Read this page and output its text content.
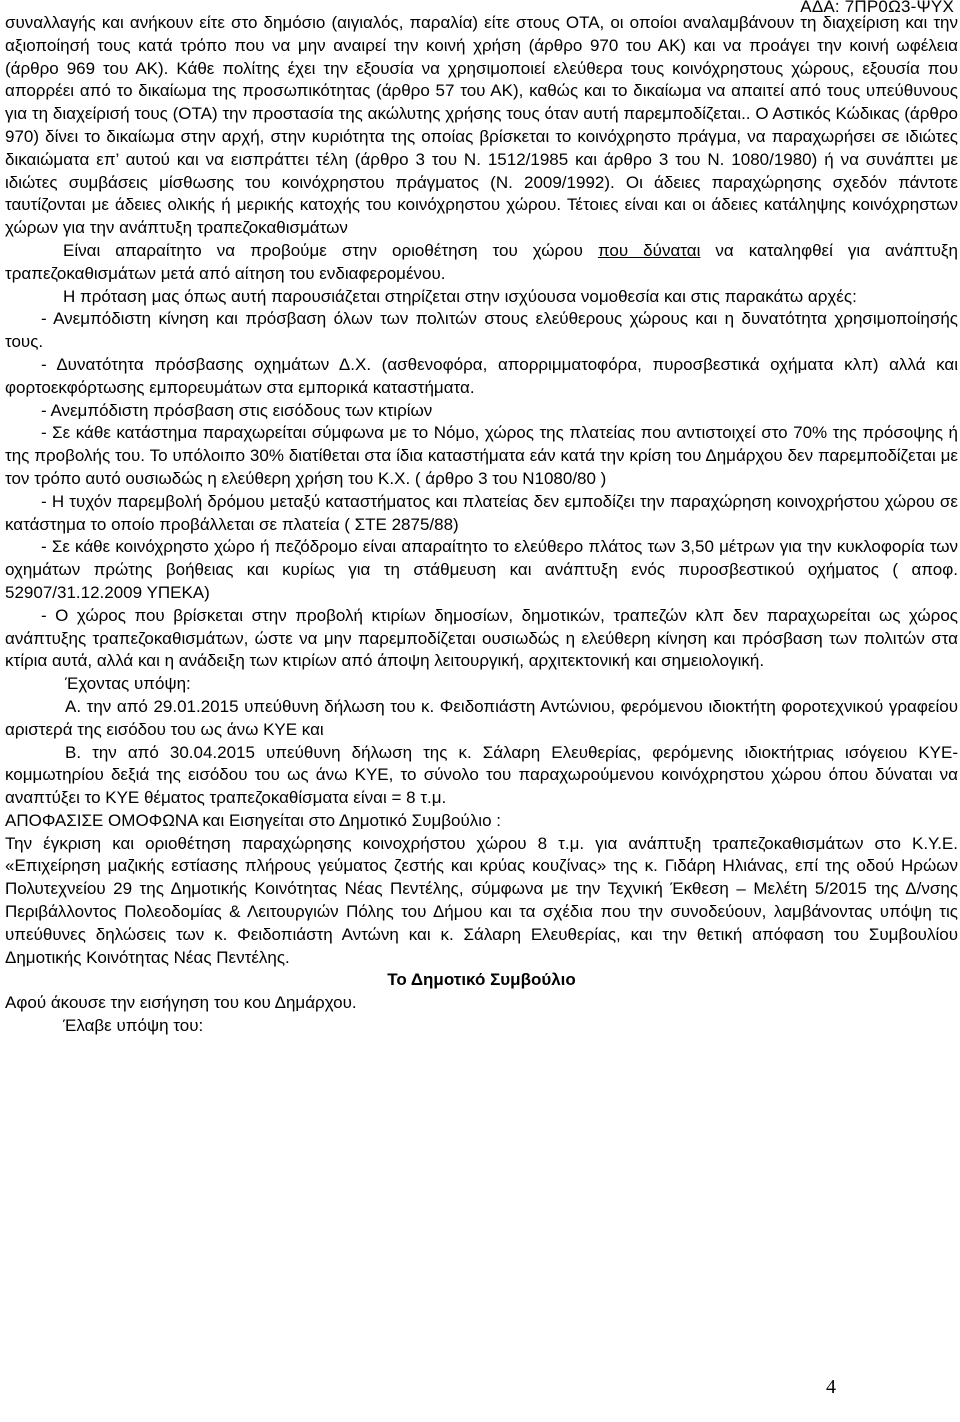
ΑΔΑ: 7ΠΡ0Ω3-ΨΥΧ

συναλλαγής και ανήκουν είτε στο δημόσιο (αιγιαλός, παραλία) είτε στους ΟΤΑ, οι οποίοι αναλαμβάνουν τη διαχείριση και την αξιοποίησή τους κατά τρόπο που να μην αναιρεί την κοινή χρήση (άρθρο 970 του ΑΚ) και να προάγει την κοινή ωφέλεια (άρθρο 969 του ΑΚ). Κάθε πολίτης έχει την εξουσία να χρησιμοποιεί ελεύθερα τους κοινόχρηστους χώρους, εξουσία που απορρέει από το δικαίωμα της προσωπικότητας (άρθρο 57 του ΑΚ), καθώς και το δικαίωμα να απαιτεί από τους υπεύθυνους για τη διαχείρισή τους (ΟΤΑ) την προστασία της ακώλυτης χρήσης τους όταν αυτή παρεμποδίζεται.. Ο Αστικός Κώδικας (άρθρο 970) δίνει το δικαίωμα στην αρχή, στην κυριότητα της οποίας βρίσκεται το κοινόχρηστο πράγμα, να παραχωρήσει σε ιδιώτες δικαιώματα επ’ αυτού και να εισπράττει τέλη (άρθρο 3 του Ν. 1512/1985 και άρθρο 3 του Ν. 1080/1980) ή να συνάπτει με ιδιώτες συμβάσεις μίσθωσης του κοινόχρηστου πράγματος (Ν. 2009/1992). Οι άδειες παραχώρησης σχεδόν πάντοτε ταυτίζονται με άδειες ολικής ή μερικής κατοχής του κοινόχρηστου χώρου. Τέτοιες είναι και οι άδειες κατάληψης κοινόχρηστων χώρων για την ανάπτυξη τραπεζοκαθισμάτων

Είναι απαραίτητο να προβούμε στην οριοθέτηση του χώρου που δύναται να καταληφθεί για ανάπτυξη τραπεζοκαθισμάτων μετά από αίτηση του ενδιαφερομένου.

Η πρόταση μας όπως αυτή παρουσιάζεται στηρίζεται στην ισχύουσα νομοθεσία και στις παρακάτω αρχές:

- Ανεμπόδιστη κίνηση και πρόσβαση όλων των πολιτών στους ελεύθερους χώρους και η δυνατότητα χρησιμοποίησής τους.

- Δυνατότητα πρόσβασης οχημάτων Δ.Χ. (ασθενοφόρα, απορριμματοφόρα, πυροσβεστικά οχήματα κλπ) αλλά και φορτοεκφόρτωσης εμπορευμάτων στα εμπορικά καταστήματα.

- Ανεμπόδιστη πρόσβαση στις εισόδους των κτιρίων

- Σε κάθε κατάστημα παραχωρείται σύμφωνα με το Νόμο, χώρος της πλατείας που αντιστοιχεί στο 70% της πρόσοψης ή της προβολής του. Το υπόλοιπο 30% διατίθεται στα ίδια καταστήματα εάν κατά την κρίση του Δημάρχου δεν παρεμποδίζεται με τον τρόπο αυτό ουσιωδώς η ελεύθερη χρήση του Κ.Χ. ( άρθρο 3 του Ν1080/80 )

- Η τυχόν παρεμβολή δρόμου μεταξύ καταστήματος και πλατείας δεν εμποδίζει την παραχώρηση κοινοχρήστου χώρου σε κατάστημα το οποίο προβάλλεται σε πλατεία ( ΣΤΕ 2875/88)

- Σε κάθε κοινόχρηστο χώρο ή πεζόδρομο είναι απαραίτητο το ελεύθερο πλάτος των 3,50 μέτρων για την κυκλοφορία των οχημάτων πρώτης βοήθειας και κυρίως για τη στάθμευση και ανάπτυξη ενός πυροσβεστικού οχήματος ( αποφ. 52907/31.12.2009 ΥΠΕΚΑ)

- Ο χώρος που βρίσκεται στην προβολή κτιρίων δημοσίων, δημοτικών, τραπεζών κλπ δεν παραχωρείται ως χώρος ανάπτυξης τραπεζοκαθισμάτων, ώστε να μην παρεμποδίζεται ουσιωδώς η ελεύθερη κίνηση και πρόσβαση των πολιτών στα κτίρια αυτά, αλλά και η ανάδειξη των κτιρίων από άποψη λειτουργική, αρχιτεκτονική και σημειολογική.

Έχοντας υπόψη:

Α. την από 29.01.2015 υπεύθυνη δήλωση του κ. Φειδοπιάστη Αντώνιου, φερόμενου ιδιοκτήτη φοροτεχνικού γραφείου αριστερά της εισόδου του ως άνω ΚΥΕ και

Β. την από 30.04.2015 υπεύθυνη δήλωση της κ. Σάλαρη Ελευθερίας, φερόμενης ιδιοκτήτριας ισόγειου ΚΥΕ- κομμωτηρίου δεξιά της εισόδου του ως άνω ΚΥΕ, το σύνολο του παραχωρούμενου κοινόχρηστου χώρου όπου δύναται να αναπτύξει το ΚΥΕ θέματος τραπεζοκαθίσματα είναι = 8 τ.μ.

ΑΠΟΦΑΣΙΣΕ ΟΜΟΦΩΝΑ και Εισηγείται στο Δημοτικό Συμβούλιο :

Την έγκριση και οριοθέτηση παραχώρησης κοινοχρήστου χώρου 8 τ.μ. για ανάπτυξη τραπεζοκαθισμάτων στο Κ.Υ.Ε. «Επιχείρηση μαζικής εστίασης πλήρους γεύματος ζεστής και κρύας κουζίνας» της κ. Γιδάρη Ηλιάνας, επί της οδού Ηρώων Πολυτεχνείου 29 της Δημοτικής Κοινότητας Νέας Πεντέλης, σύμφωνα με την Τεχνική Έκθεση – Μελέτη 5/2015 της Δ/νσης Περιβάλλοντος Πολεοδομίας & Λειτουργιών Πόλης του Δήμου και τα σχέδια που την συνοδεύουν, λαμβάνοντας υπόψη τις υπεύθυνες δηλώσεις των κ. Φειδοπιάστη Αντώνη και κ. Σάλαρη Ελευθερίας, και την θετική απόφαση του Συμβουλίου Δημοτικής Κοινότητας Νέας Πεντέλης.

Το Δημοτικό Συμβούλιο

Αφού άκουσε την εισήγηση του κου Δημάρχου.

Έλαβε υπόψη του:

4
